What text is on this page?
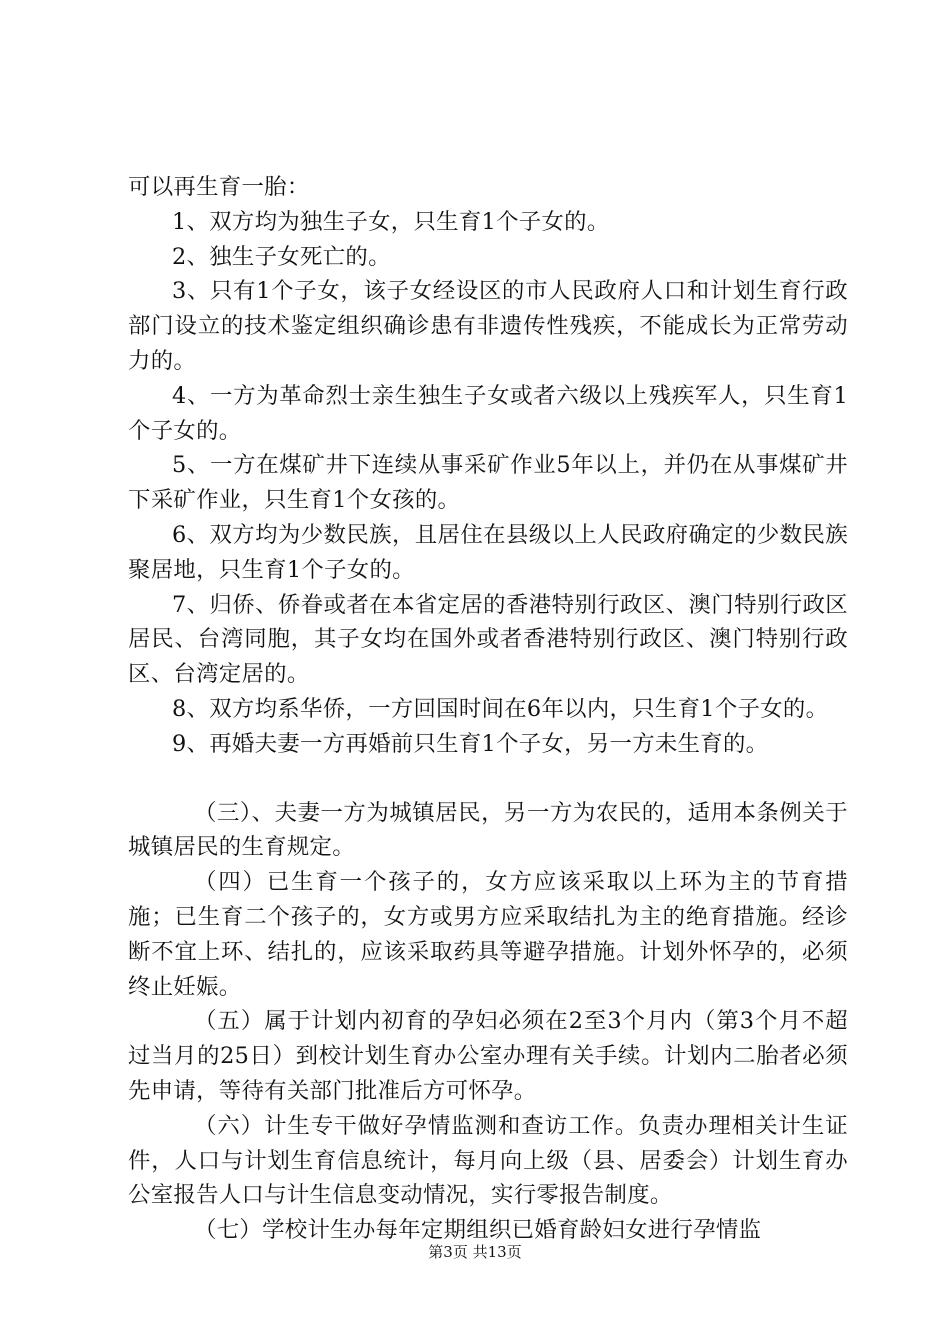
可以再生育一胎：

1、双方均为独生子女，只生育1个子女的。

2、独生子女死亡的。

3、只有1个子女，该子女经设区的市人民政府人口和计划生育行政部门设立的技术鉴定组织确诊患有非遗传性残疾，不能成长为正常劳动力的。

4、一方为革命烈士亲生独生子女或者六级以上残疾军人，只生育1个子女的。

5、一方在煤矿井下连续从事采矿作业5年以上，并仍在从事煤矿井下采矿作业，只生育1个女孩的。

6、双方均为少数民族，且居住在县级以上人民政府确定的少数民族聚居地，只生育1个子女的。

7、归侨、侨眷或者在本省定居的香港特别行政区、澳门特别行政区居民、台湾同胞，其子女均在国外或者香港特别行政区、澳门特别行政区、台湾定居的。

8、双方均系华侨，一方回国时间在6年以内，只生育1个子女的。

9、再婚夫妻一方再婚前只生育1个子女，另一方未生育的。

（三）、夫妻一方为城镇居民，另一方为农民的，适用本条例关于城镇居民的生育规定。

（四）已生育一个孩子的，女方应该采取以上环为主的节育措施；已生育二个孩子的，女方或男方应采取结扎为主的绝育措施。经诊断不宜上环、结扎的，应该采取药具等避孕措施。计划外怀孕的，必须终止妊娠。

（五）属于计划内初育的孕妇必须在2至3个月内（第3个月不超过当月的25日）到校计划生育办公室办理有关手续。计划内二胎者必须先申请，等待有关部门批准后方可怀孕。

（六）计生专干做好孕情监测和查访工作。负责办理相关计生证件，人口与计划生育信息统计，每月向上级（县、居委会）计划生育办公室报告人口与计生信息变动情况，实行零报告制度。

（七）学校计生办每年定期组织已婚育龄妇女进行孕情监

第3页 共13页
